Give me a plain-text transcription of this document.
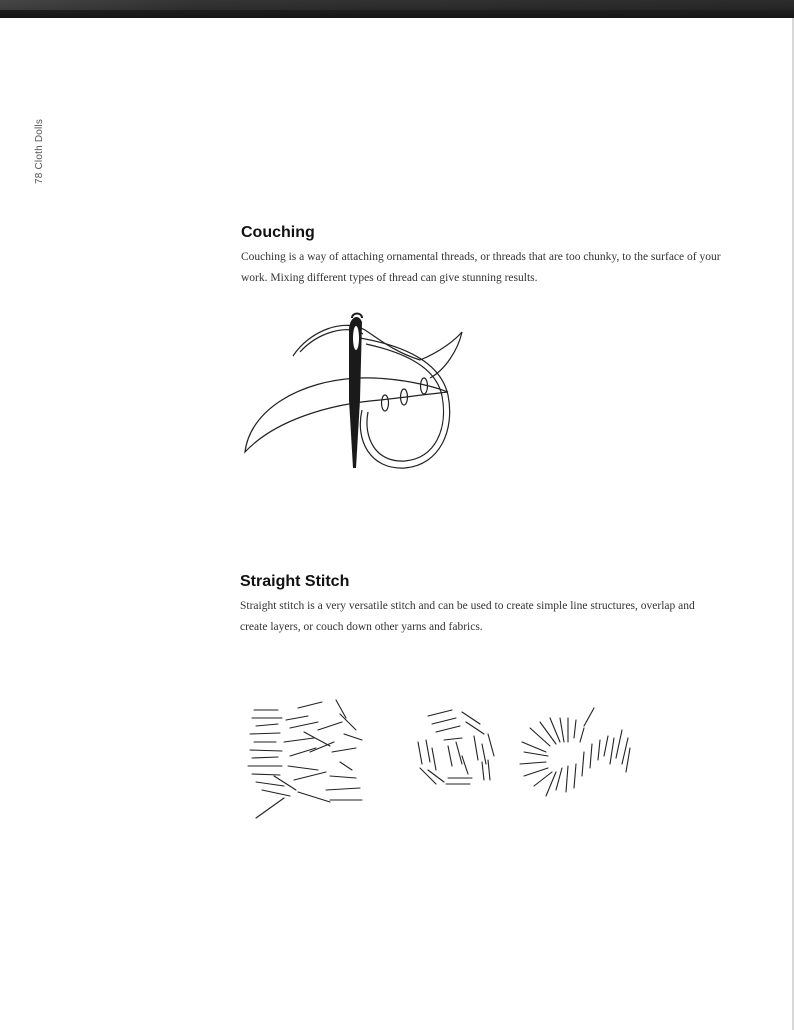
78 Cloth Dolls
Couching

Couching is a way of attaching ornamental threads, or threads that are too chunky, to the surface of your work. Mixing different types of thread can give stunning results.

Straight Stitch

Straight stitch is a very versatile stitch and can be used to create simple line structures, overlap and create layers, or couch down other yarns and fabrics.
